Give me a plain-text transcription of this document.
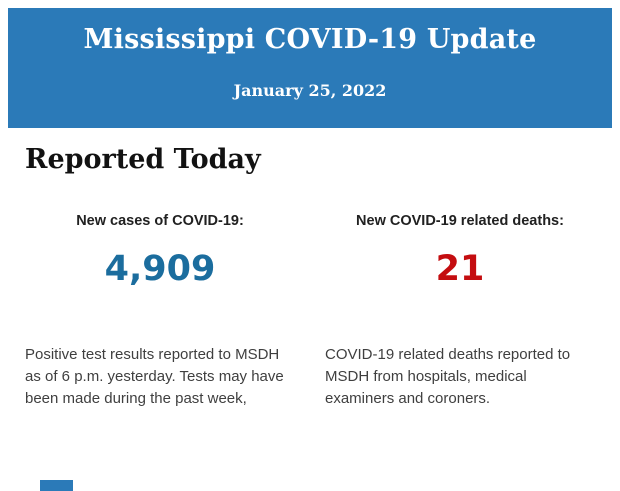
Mississippi COVID-19 Update
January 25, 2022
Reported Today
New cases of COVID-19:
4,909
New COVID-19 related deaths:
21

Positive test results reported to MSDH as of 6 p.m. yesterday. Tests may have been made during the past week,

COVID-19 related deaths reported to MSDH from hospitals, medical examiners and coroners.
